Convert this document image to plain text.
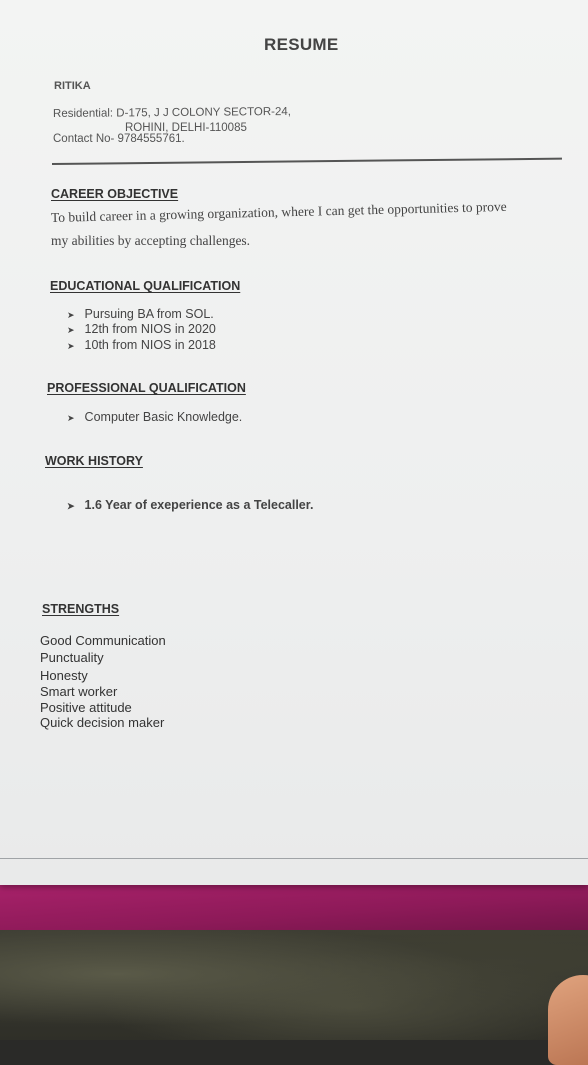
RESUME
RITIKA
Residential: D-175, J J COLONY SECTOR-24,
ROHINI, DELHI-110085
Contact No- 9784555761.
CAREER OBJECTIVE
To build career in a growing organization, where I can get the opportunities to prove
my abilities by accepting challenges.
EDUCATIONAL QUALIFICATION
➤ Pursuing BA from SOL.
➤ 12th from NIOS in 2020
➤ 10th from NIOS in 2018
PROFESSIONAL QUALIFICATION
➤ Computer Basic Knowledge.
WORK HISTORY
➤ 1.6 Year of exeperience as a Telecaller.
STRENGTHS
Good Communication
Punctuality
Honesty
Smart worker
Positive attitude
Quick decision maker
